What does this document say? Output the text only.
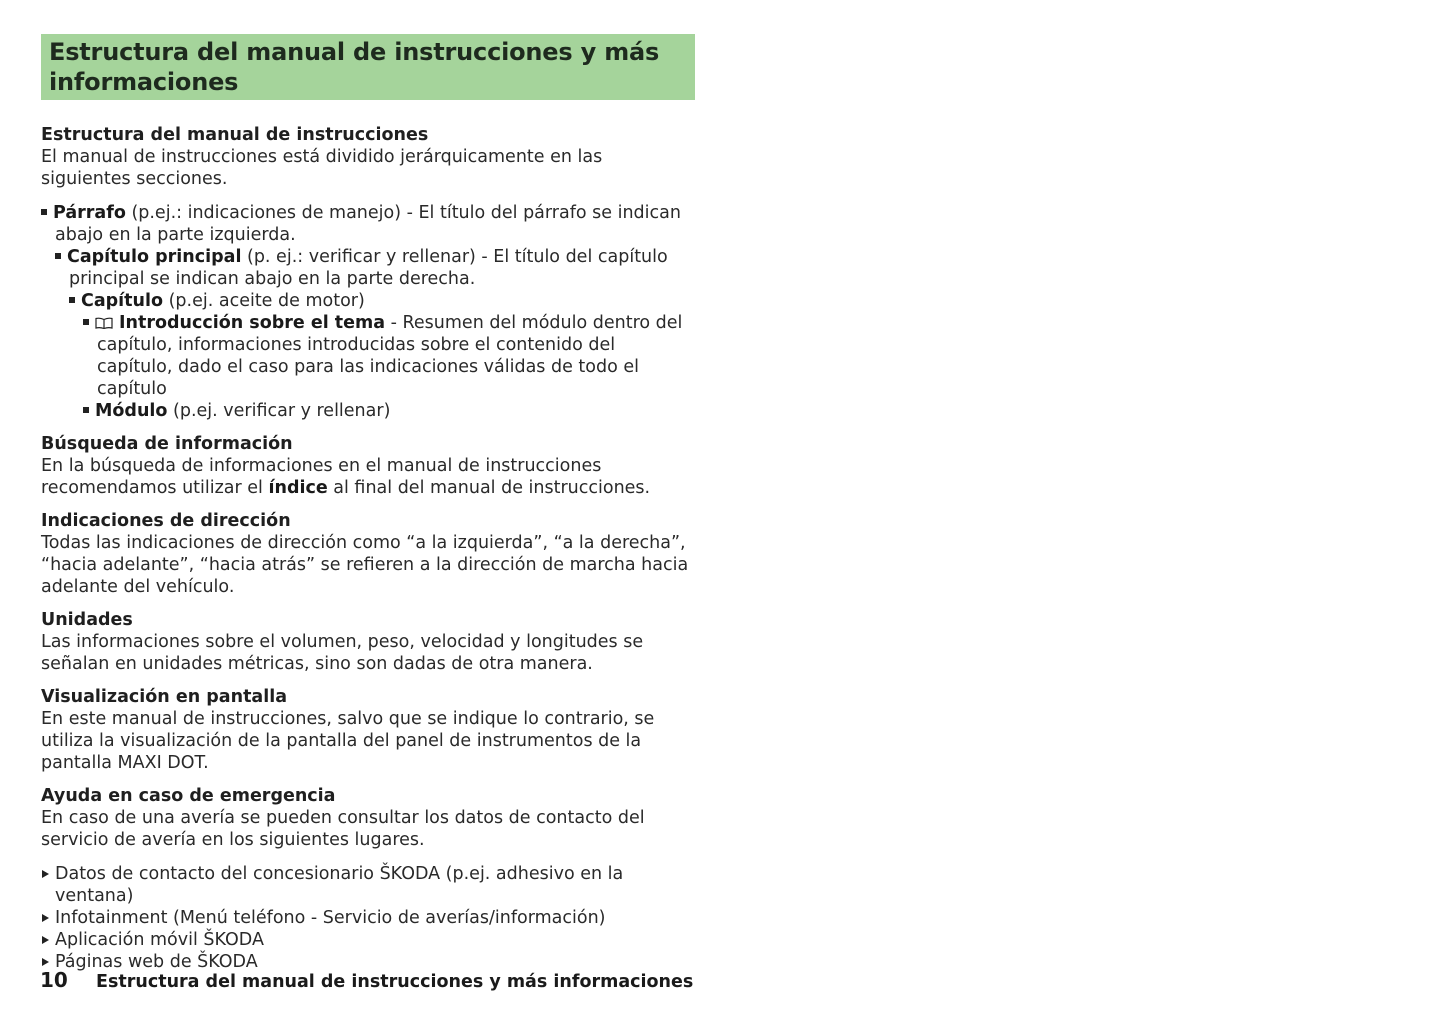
Estructura del manual de instrucciones y más informaciones

Estructura del manual de instrucciones

El manual de instrucciones está dividido jerárquicamente en las siguientes secciones.

Párrafo (p.ej.: indicaciones de manejo) - El título del párrafo se indican abajo en la parte izquierda.
Capítulo principal (p. ej.: verificar y rellenar) - El título del capítulo principal se indican abajo en la parte derecha.
Capítulo (p.ej. aceite de motor)
Introducción sobre el tema - Resumen del módulo dentro del capítulo, informaciones introducidas sobre el contenido del capítulo, dado el caso para las indicaciones válidas de todo el capítulo
Módulo (p.ej. verificar y rellenar)

Búsqueda de información

En la búsqueda de informaciones en el manual de instrucciones recomendamos utilizar el índice al final del manual de instrucciones.

Indicaciones de dirección

Todas las indicaciones de dirección como “a la izquierda”, “a la derecha”, “hacia adelante”, “hacia atrás” se refieren a la dirección de marcha hacia adelante del vehículo.

Unidades

Las informaciones sobre el volumen, peso, velocidad y longitudes se señalan en unidades métricas, sino son dadas de otra manera.

Visualización en pantalla

En este manual de instrucciones, salvo que se indique lo contrario, se utiliza la visualización de la pantalla del panel de instrumentos de la pantalla MAXI DOT.

Ayuda en caso de emergencia

En caso de una avería se pueden consultar los datos de contacto del servicio de avería en los siguientes lugares.

Datos de contacto del concesionario ŠKODA (p.ej. adhesivo en la ventana)
Infotainment (Menú teléfono - Servicio de averías/información)
Aplicación móvil ŠKODA
Páginas web de ŠKODA
10 Estructura del manual de instrucciones y más informaciones
